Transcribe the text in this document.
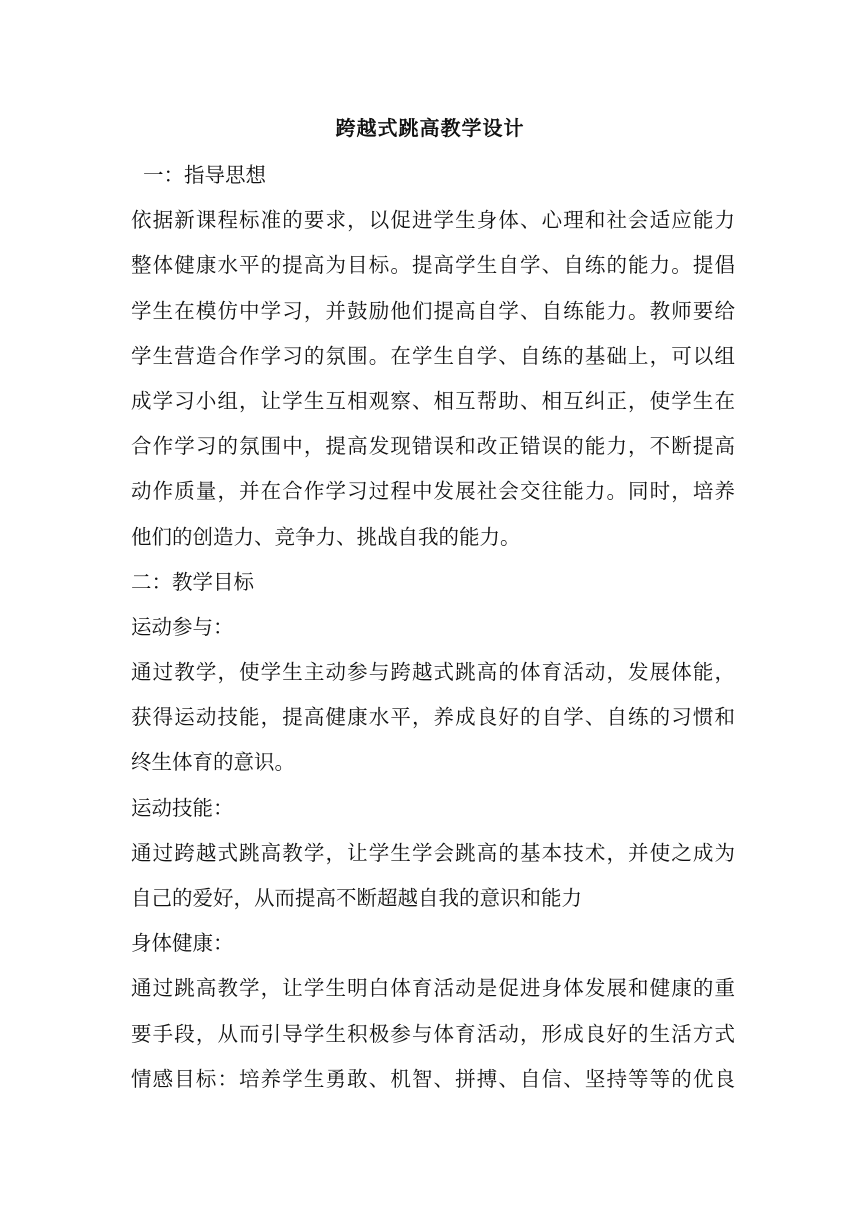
跨越式跳高教学设计

一：指导思想

依据新课程标准的要求，以促进学生身体、心理和社会适应能力

整体健康水平的提高为目标。提高学生自学、自练的能力。提倡

学生在模仿中学习，并鼓励他们提高自学、自练能力。教师要给

学生营造合作学习的氛围。在学生自学、自练的基础上，可以组

成学习小组，让学生互相观察、相互帮助、相互纠正，使学生在

合作学习的氛围中，提高发现错误和改正错误的能力，不断提高

动作质量，并在合作学习过程中发展社会交往能力。同时，培养

他们的创造力、竞争力、挑战自我的能力。

二：教学目标

运动参与：

通过教学，使学生主动参与跨越式跳高的体育活动，发展体能，

获得运动技能，提高健康水平，养成良好的自学、自练的习惯和

终生体育的意识。

运动技能：

通过跨越式跳高教学，让学生学会跳高的基本技术，并使之成为

自己的爱好，从而提高不断超越自我的意识和能力

身体健康：

通过跳高教学，让学生明白体育活动是促进身体发展和健康的重

要手段，从而引导学生积极参与体育活动，形成良好的生活方式

情感目标：培养学生勇敢、机智、拼搏、自信、坚持等等的优良
